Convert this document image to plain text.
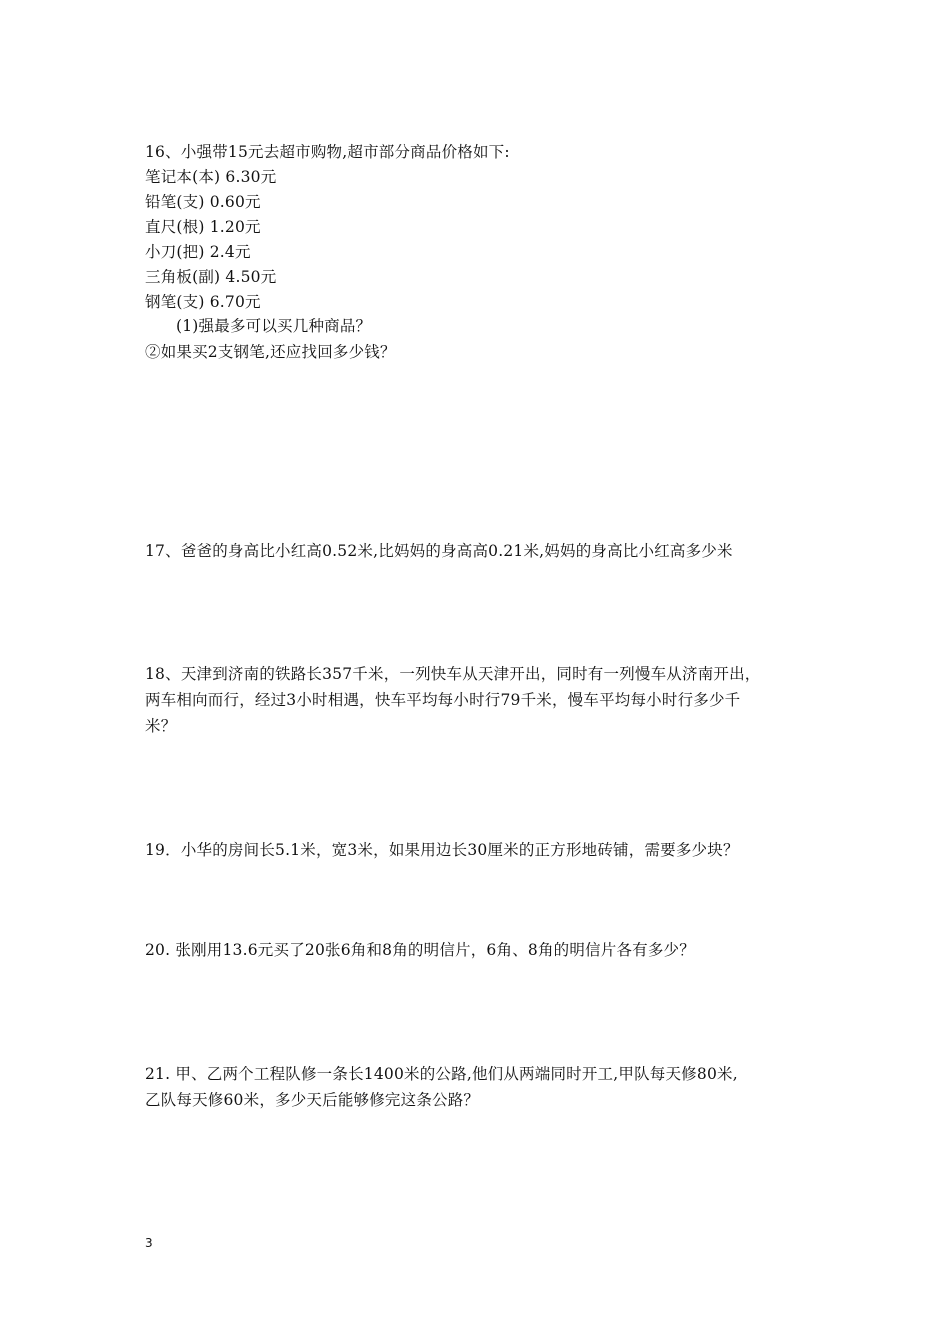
16、小强带15元去超市购物,超市部分商品价格如下:
笔记本(本) 6.30元
铅笔(支) 0.60元
直尺(根) 1.20元
小刀(把) 2.4元
三角板(副) 4.50元
钢笔(支) 6.70元
(1)强最多可以买几种商品？
②如果买2支钢笔,还应找回多少钱？
17、爸爸的身高比小红高0.52米,比妈妈的身高高0.21米,妈妈的身高比小红高多少米
18、天津到济南的铁路长357千米，一列快车从天津开出，同时有一列慢车从济南开出，
两车相向而行，经过3小时相遇，快车平均每小时行79千米，慢车平均每小时行多少千
米？
19．小华的房间长5.1米，宽3米，如果用边长30厘米的正方形地砖铺，需要多少块？
20. 张刚用13.6元买了20张6角和8角的明信片，6角、8角的明信片各有多少？
21. 甲、乙两个工程队修一条长1400米的公路,他们从两端同时开工,甲队每天修80米,
乙队每天修60米，多少天后能够修完这条公路？
3
